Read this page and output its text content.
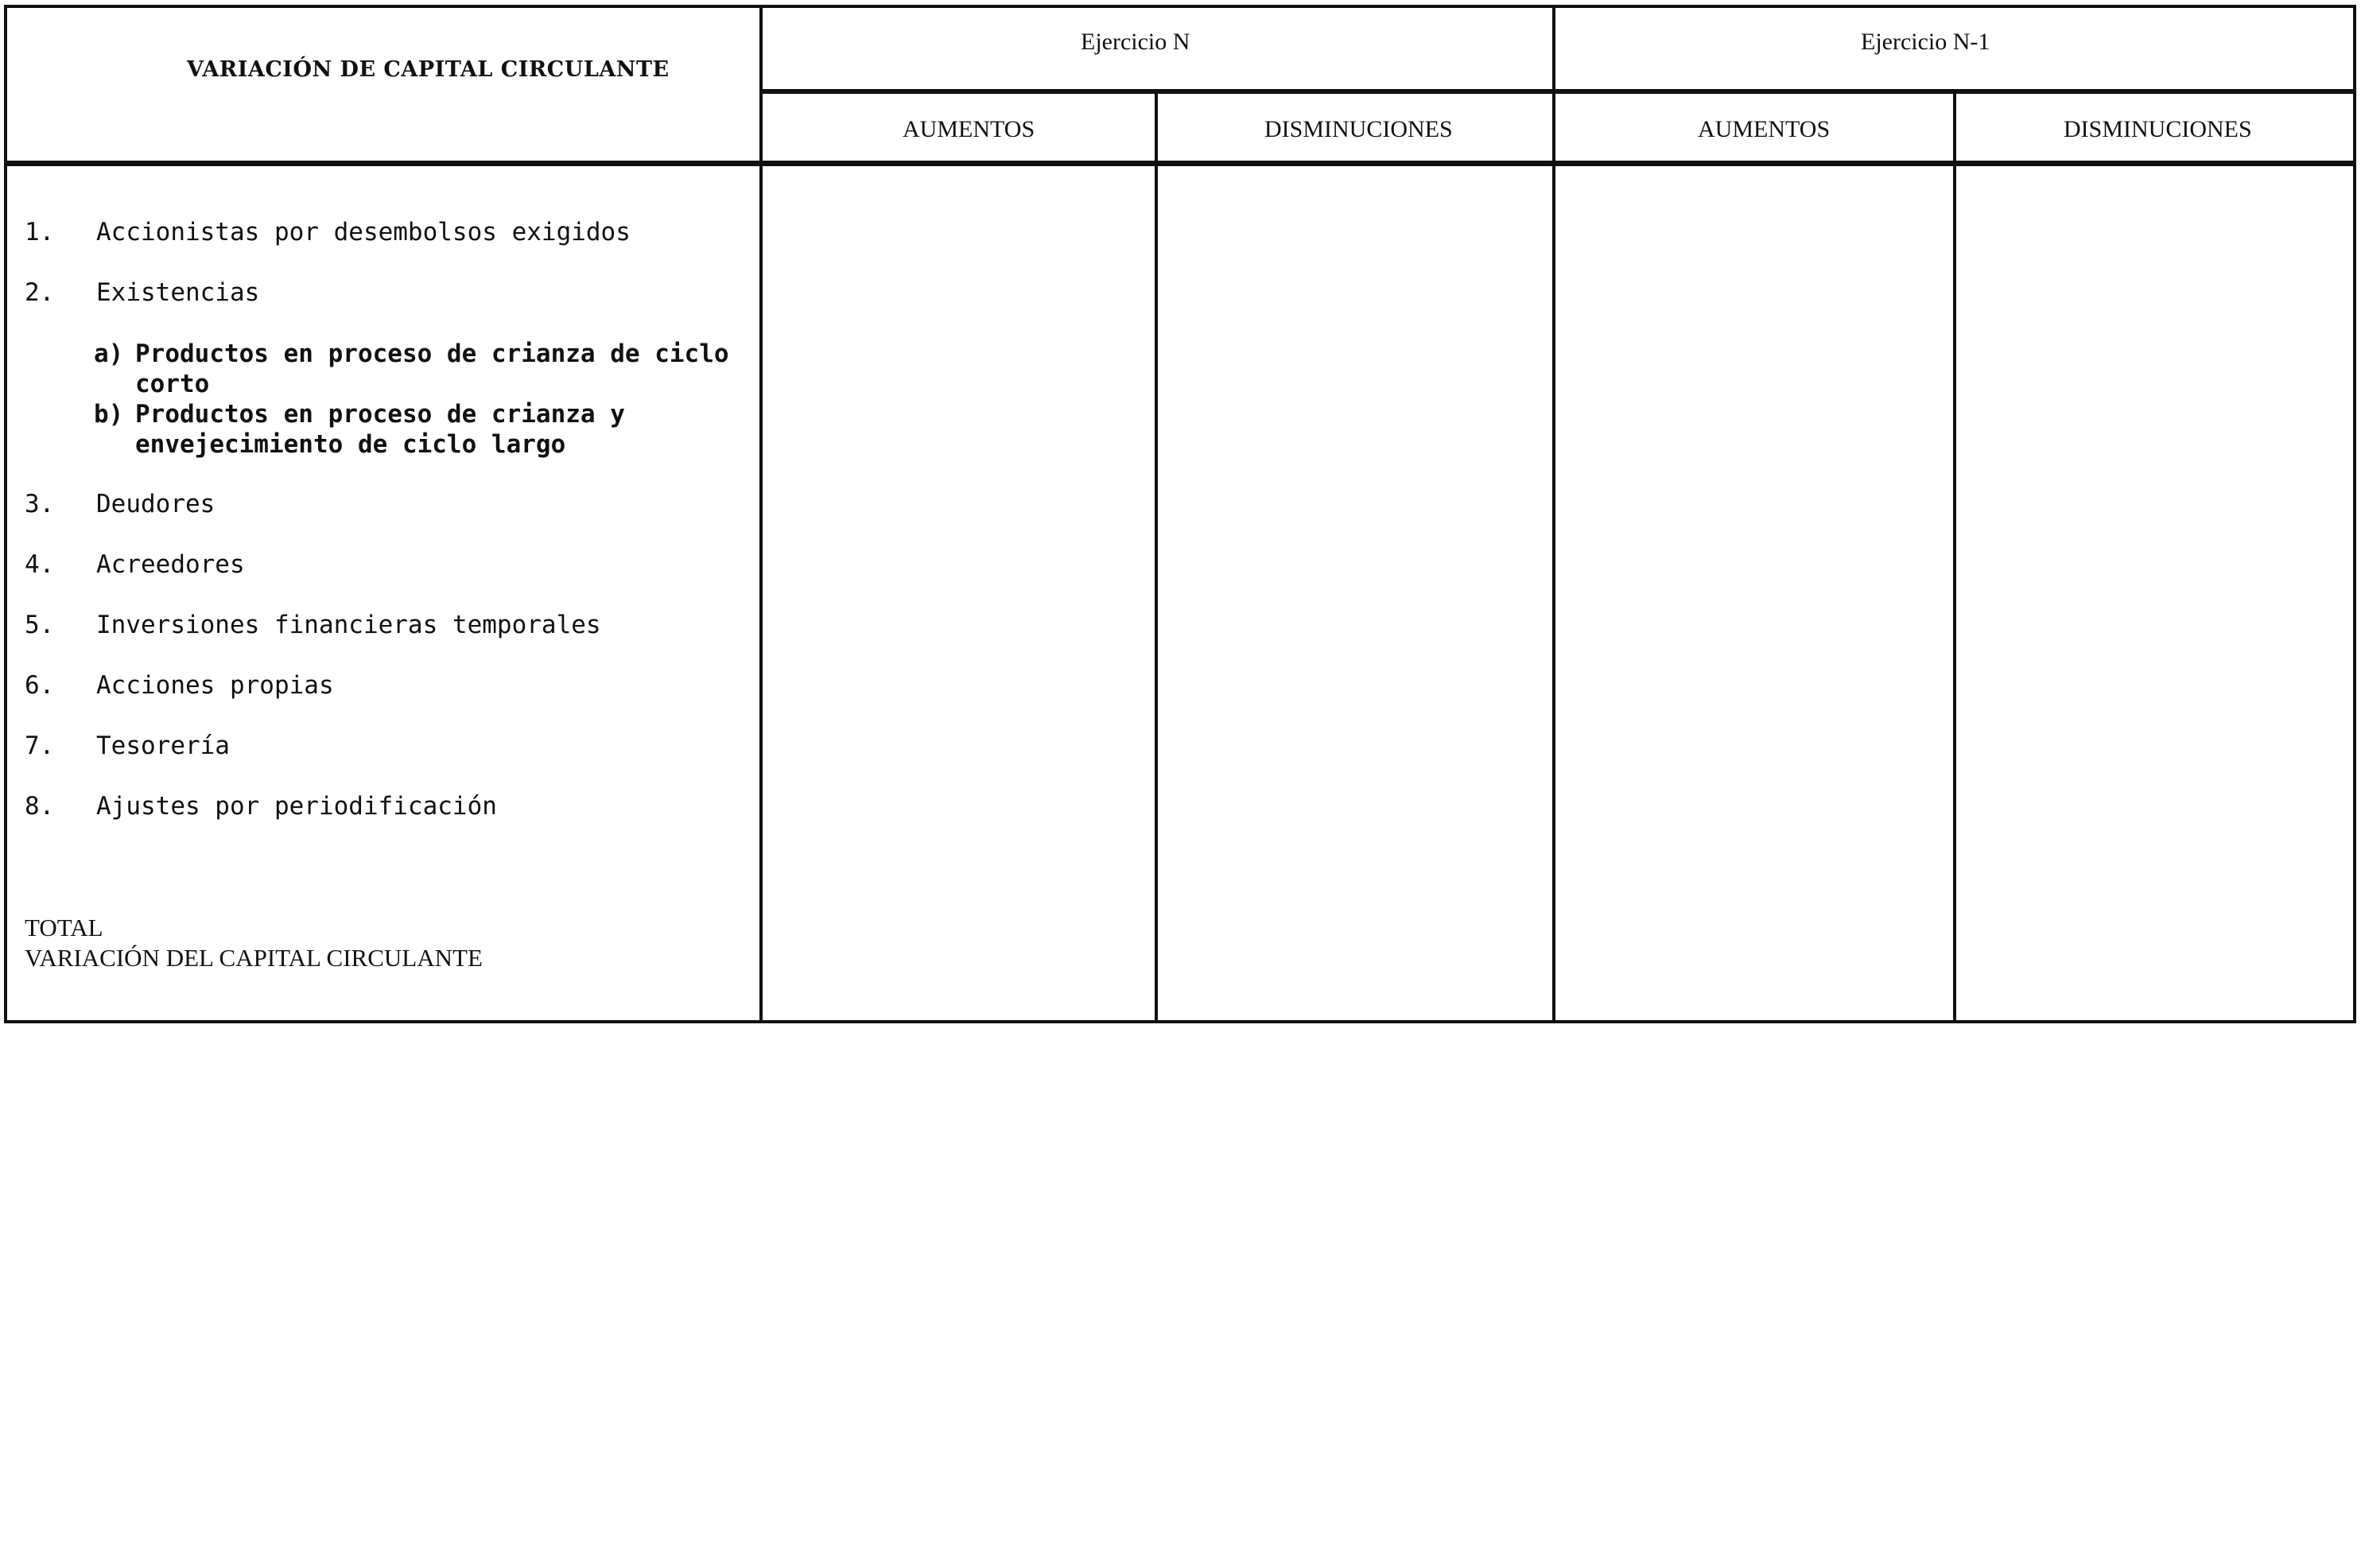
VARIACIÓN DE CAPITAL CIRCULANTE
Ejercicio N	Ejercicio N-1
AUMENTOS	DISMINUCIONES	AUMENTOS	DISMINUCIONES
1. Accionistas por desembolsos exigidos
2. Existencias
a) Productos en proceso de crianza de ciclo
corto
b) Productos en proceso de crianza y
envejecimiento de ciclo largo
3. Deudores
4. Acreedores
5. Inversiones financieras temporales
6. Acciones propias
7. Tesorería
8. Ajustes por periodificación
TOTAL
VARIACIÓN DEL CAPITAL CIRCULANTE
